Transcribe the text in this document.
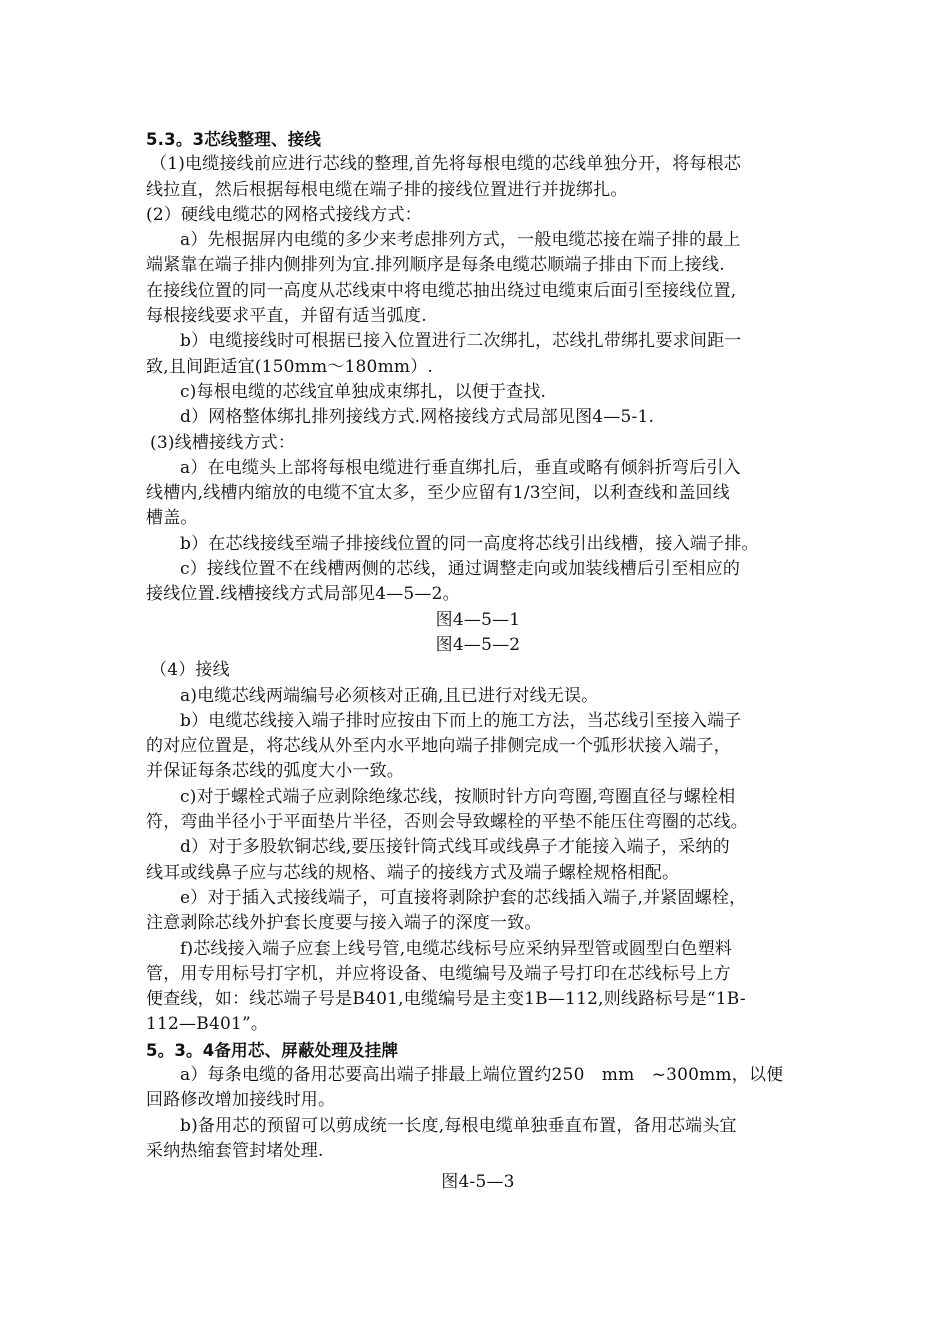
5.3。3芯线整理、接线
（1)电缆接线前应进行芯线的整理,首先将每根电缆的芯线单独分开，将每根芯
线拉直，然后根据每根电缆在端子排的接线位置进行并拢绑扎。
(2）硬线电缆芯的网格式接线方式：
a）先根据屏内电缆的多少来考虑排列方式，一般电缆芯接在端子排的最上
端紧靠在端子排内侧排列为宜.排列顺序是每条电缆芯顺端子排由下而上接线.
在接线位置的同一高度从芯线束中将电缆芯抽出绕过电缆束后面引至接线位置,
每根接线要求平直，并留有适当弧度.
b）电缆接线时可根据已接入位置进行二次绑扎，芯线扎带绑扎要求间距一
致,且间距适宜(150mm～180mm）.
c)每根电缆的芯线宜单独成束绑扎，以便于查找.
d）网格整体绑扎排列接线方式.网格接线方式局部见图4—5-1.
(3)线槽接线方式：
a）在电缆头上部将每根电缆进行垂直绑扎后，垂直或略有倾斜折弯后引入
线槽内,线槽内缩放的电缆不宜太多，至少应留有1/3空间，以利查线和盖回线
槽盖。
b）在芯线接线至端子排接线位置的同一高度将芯线引出线槽，接入端子排。
c）接线位置不在线槽两侧的芯线，通过调整走向或加装线槽后引至相应的
接线位置.线槽接线方式局部见4—5—2。
图4—5—1
图4—5—2
（4）接线
a)电缆芯线两端编号必须核对正确,且已进行对线无误。
b）电缆芯线接入端子排时应按由下而上的施工方法，当芯线引至接入端子
的对应位置是，将芯线从外至内水平地向端子排侧完成一个弧形状接入端子，
并保证每条芯线的弧度大小一致。
c)对于螺栓式端子应剥除绝缘芯线，按顺时针方向弯圈,弯圈直径与螺栓相
符，弯曲半径小于平面垫片半径，否则会导致螺栓的平垫不能压住弯圈的芯线。
d）对于多股软铜芯线,要压接针筒式线耳或线鼻子才能接入端子，采纳的
线耳或线鼻子应与芯线的规格、端子的接线方式及端子螺栓规格相配。
e）对于插入式接线端子，可直接将剥除护套的芯线插入端子,并紧固螺栓，
注意剥除芯线外护套长度要与接入端子的深度一致。
f)芯线接入端子应套上线号管,电缆芯线标号应采纳异型管或圆型白色塑料
管，用专用标号打字机，并应将设备、电缆编号及端子号打印在芯线标号上方
便查线，如：线芯端子号是B401,电缆编号是主变1B—112,则线路标号是“1B-
112—B401”。
5。3。4备用芯、屏蔽处理及挂牌
a）每条电缆的备用芯要高出端子排最上端位置约250　mm　~300mm，以便
回路修改增加接线时用。
b)备用芯的预留可以剪成统一长度,每根电缆单独垂直布置，备用芯端头宜
采纳热缩套管封堵处理.
图4-5—3
